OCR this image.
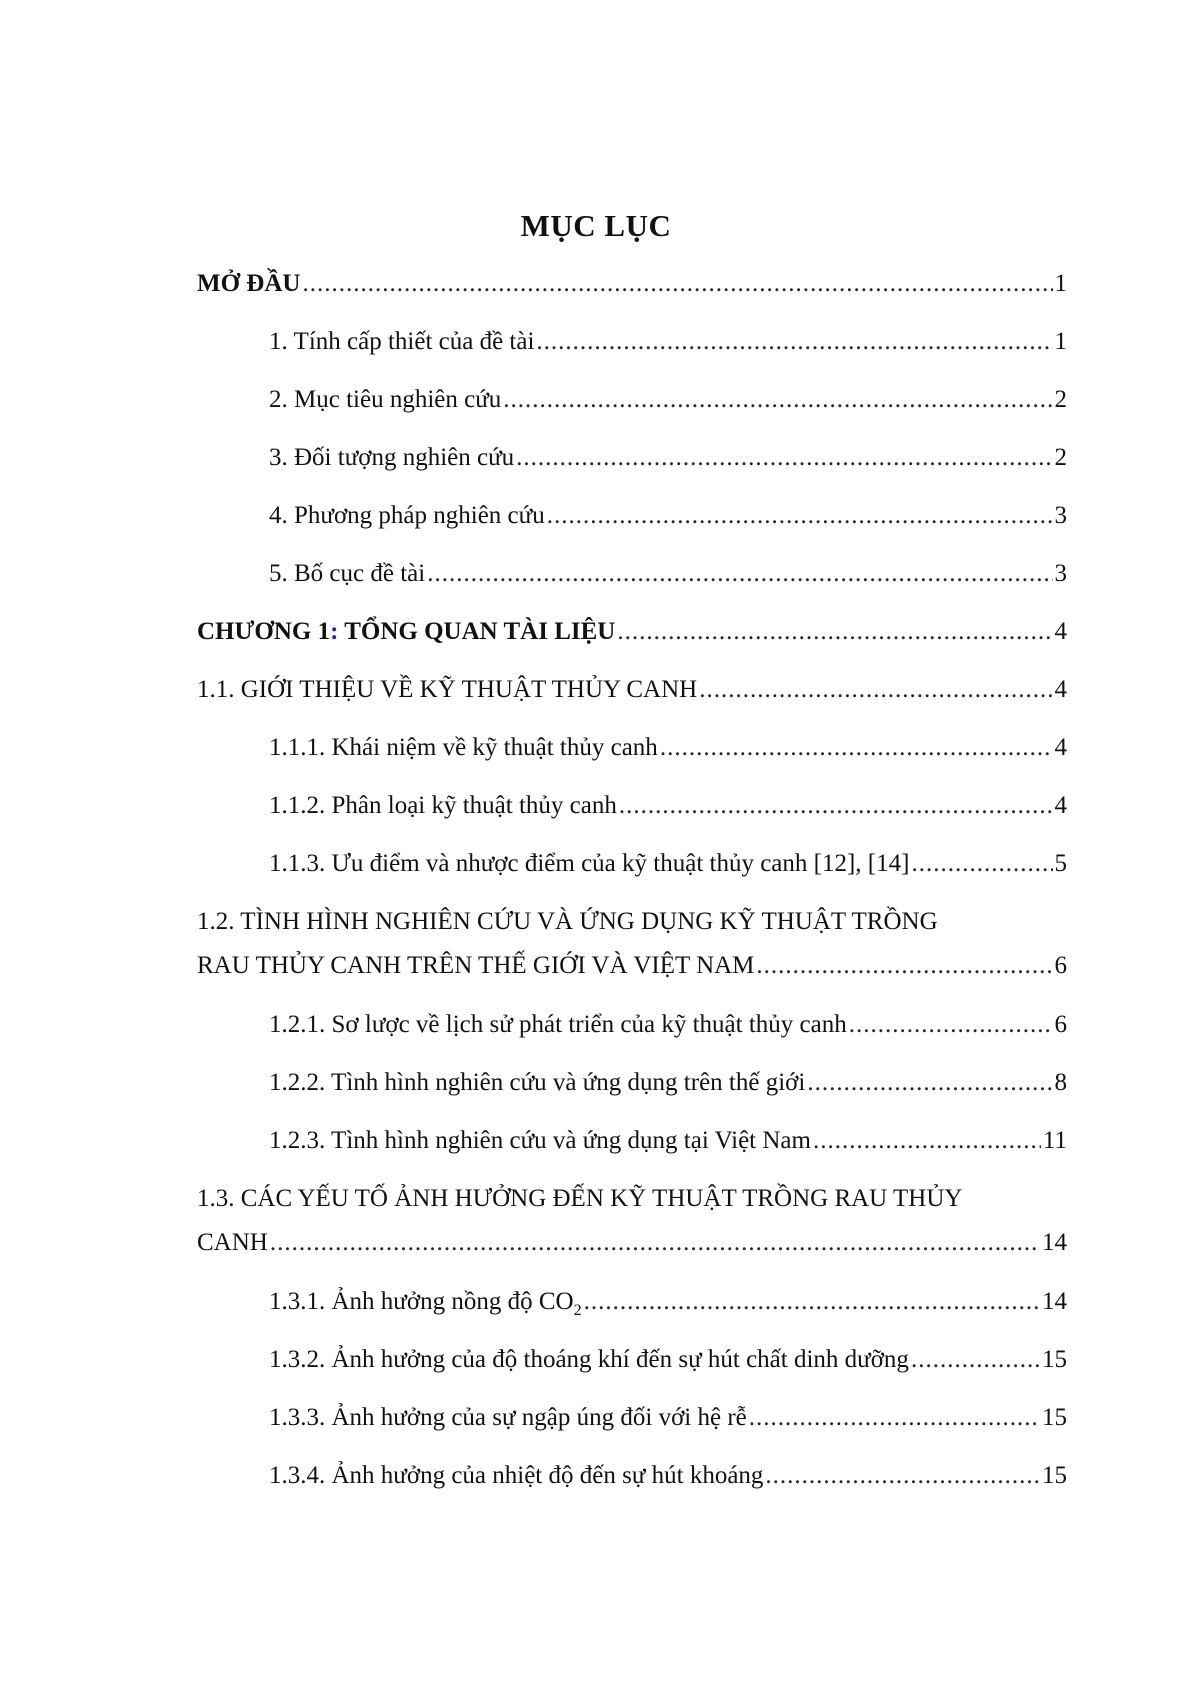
MỤC LỤC
MỞ ĐẦU .....	1
1. Tính cấp thiết của đề tài .....	1
2. Mục tiêu nghiên cứu .....	2
3. Đối tượng nghiên cứu .....	2
4. Phương pháp nghiên cứu .....	3
5. Bố cục đề tài .....	3
CHƯƠNG 1: TỔNG QUAN TÀI LIỆU .....	4
1.1. GIỚI THIỆU VỀ KỸ THUẬT THỦY CANH .....	4
1.1.1. Khái niệm về kỹ thuật thủy canh .....	4
1.1.2. Phân loại kỹ thuật thủy canh .....	4
1.1.3. Ưu điểm và nhược điểm của kỹ thuật thủy canh [12], [14] .....	5
1.2. TÌNH HÌNH NGHIÊN CỨU VÀ ỨNG DỤNG KỸ THUẬT TRỒNG
RAU THỦY CANH TRÊN THẾ GIỚI VÀ VIỆT NAM .....	6
1.2.1. Sơ lược về lịch sử phát triển của kỹ thuật thủy canh .....	6
1.2.2. Tình hình nghiên cứu và ứng dụng trên thế giới .....	8
1.2.3. Tình hình nghiên cứu và ứng dụng tại Việt Nam .....	11
1.3. CÁC YẾU TỐ ẢNH HƯỞNG ĐẾN KỸ THUẬT TRỒNG RAU THỦY
CANH .....	14
1.3.1. Ảnh hưởng nồng độ $CO_2$ .....	14
1.3.2. Ảnh hưởng của độ thoáng khí đến sự hút chất dinh dưỡng .....	15
1.3.3. Ảnh hưởng của sự ngập úng đối với hệ rễ .....	15
1.3.4. Ảnh hưởng của nhiệt độ đến sự hút khoáng .....	15
